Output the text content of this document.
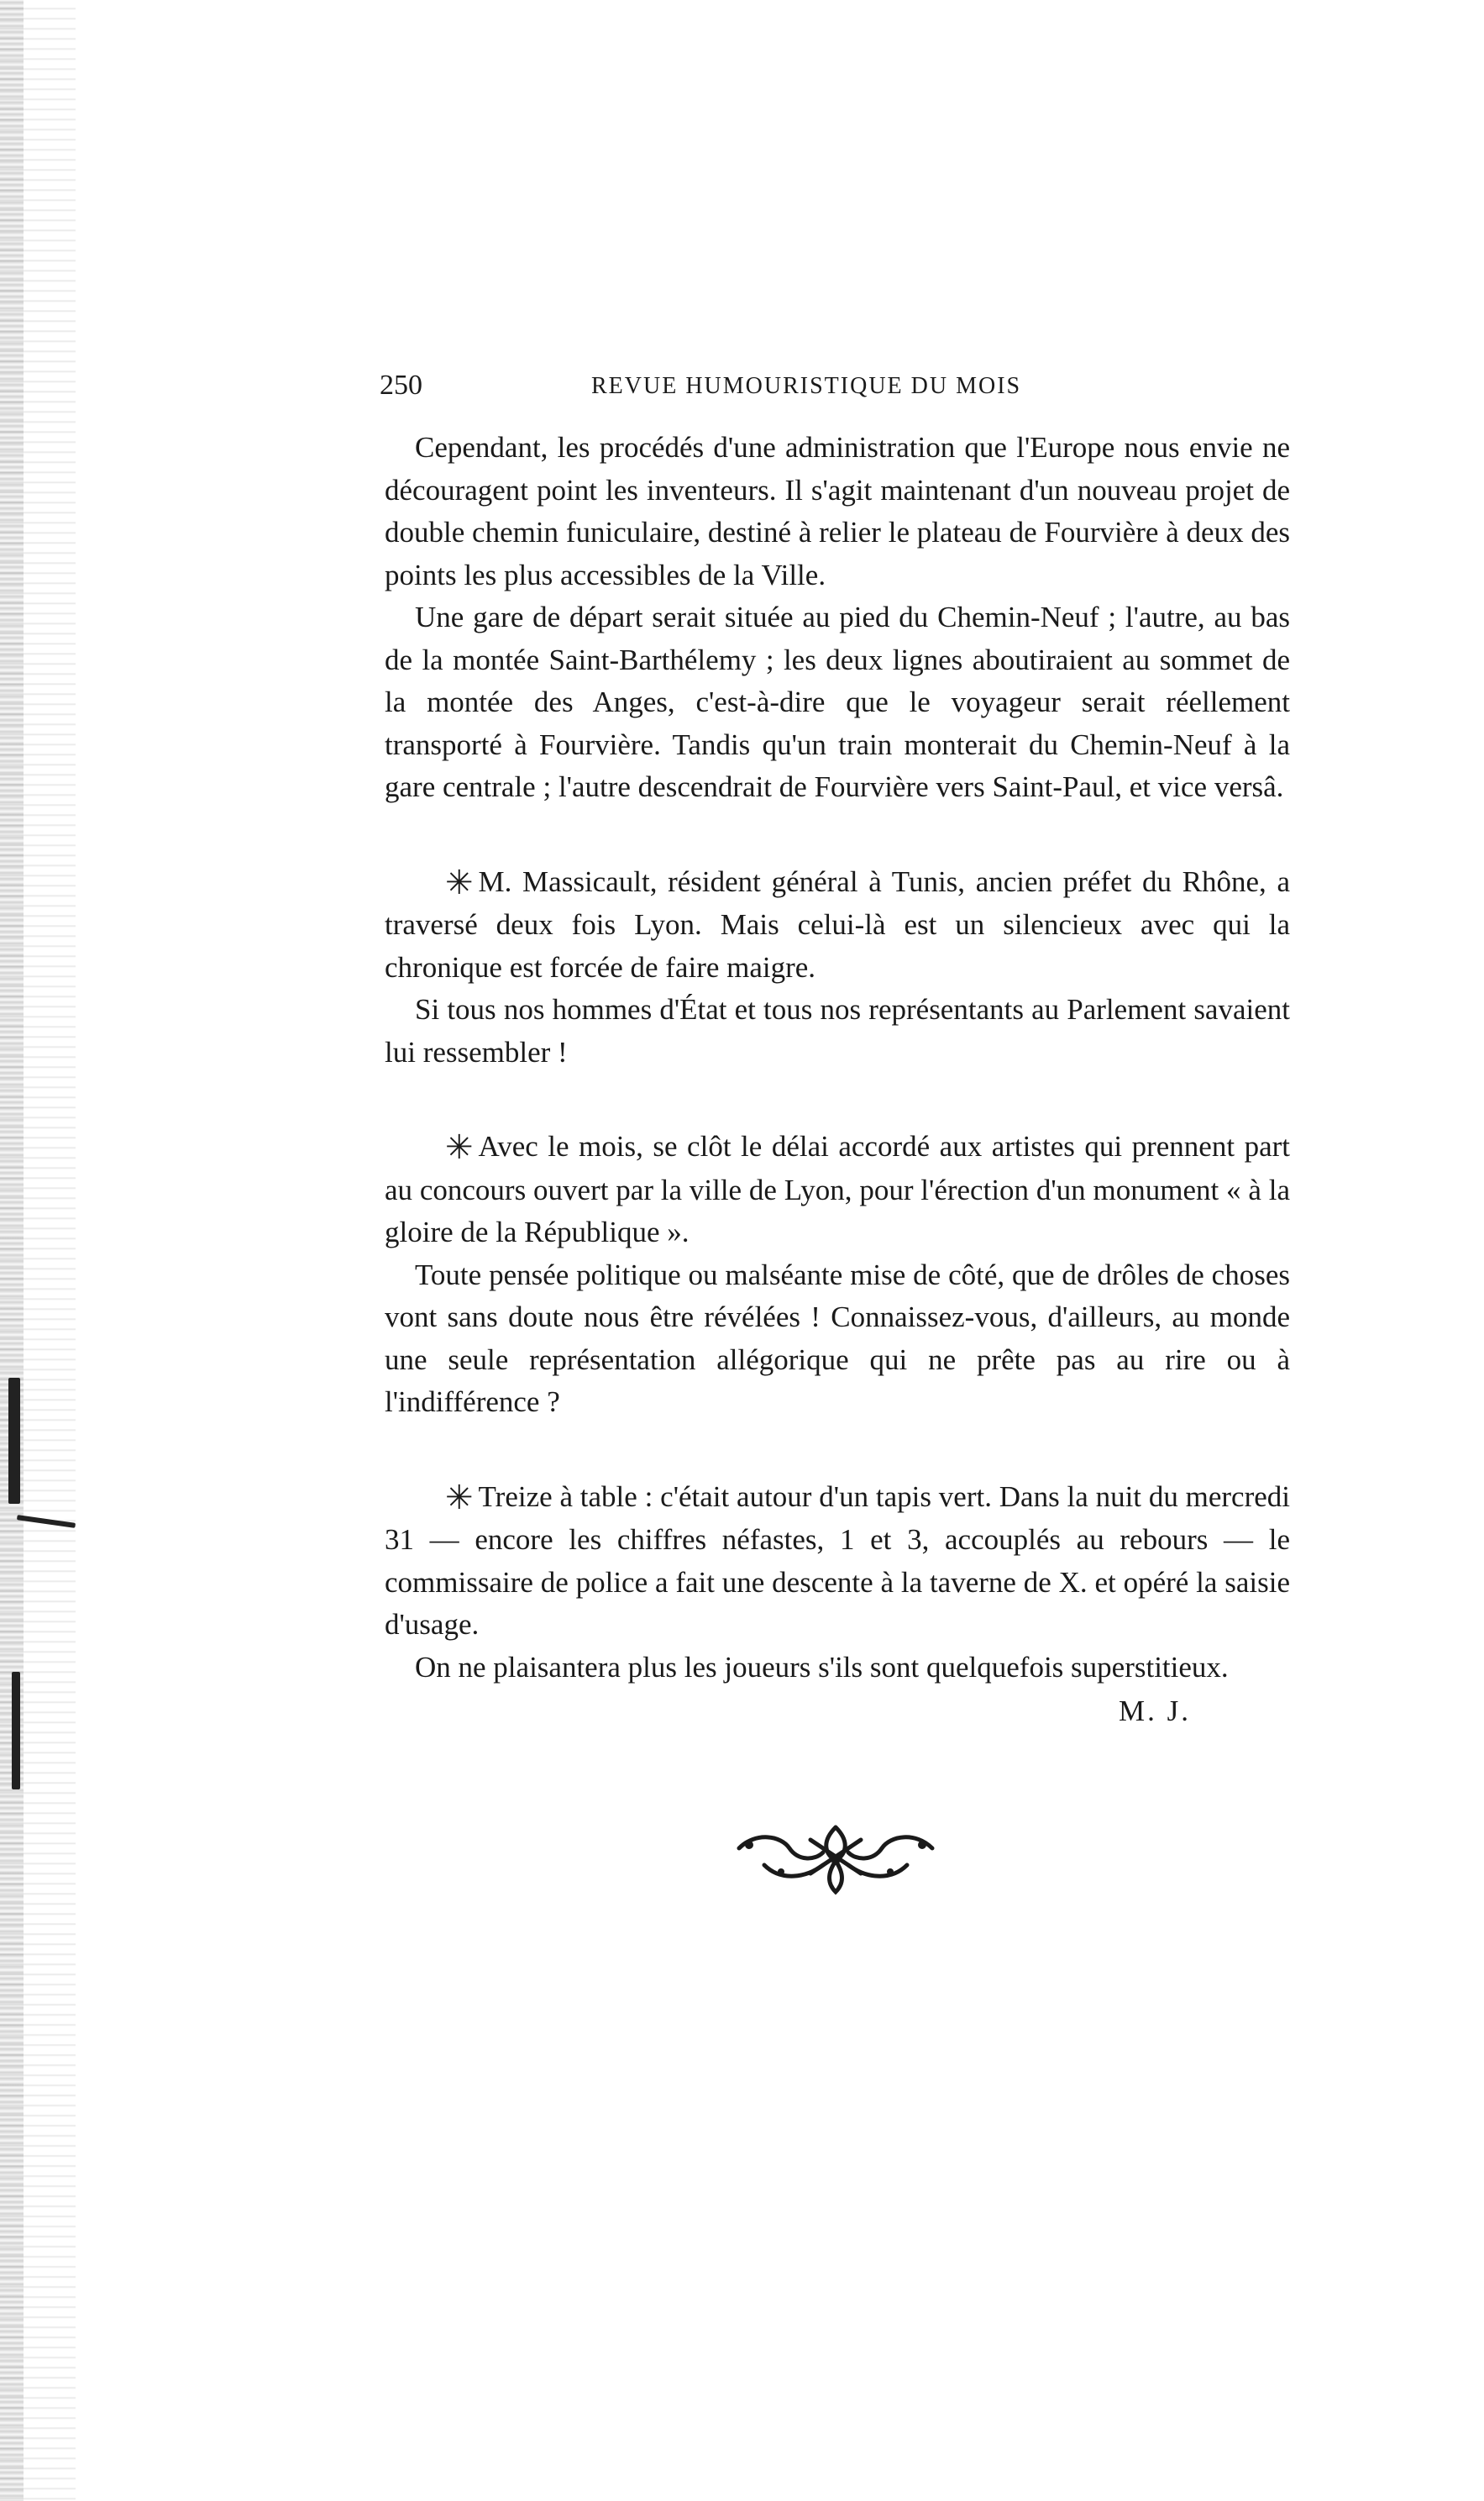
250	REVUE HUMOURISTIQUE DU MOIS

Cependant, les procédés d'une administration que l'Europe nous envie ne découragent point les inventeurs. Il s'agit maintenant d'un nouveau projet de double chemin funiculaire, destiné à relier le plateau de Fourvière à deux des points les plus accessibles de la Ville.

Une gare de départ serait située au pied du Chemin-Neuf ; l'autre, au bas de la montée Saint-Barthélemy ; les deux lignes aboutiraient au sommet de la montée des Anges, c'est-à-dire que le voyageur serait réellement transporté à Fourvière. Tandis qu'un train monterait du Chemin-Neuf à la gare centrale ; l'autre descendrait de Fourvière vers Saint-Paul, et vice versâ.

✳ M. Massicault, résident général à Tunis, ancien préfet du Rhône, a traversé deux fois Lyon. Mais celui-là est un silencieux avec qui la chronique est forcée de faire maigre.

Si tous nos hommes d'État et tous nos représentants au Parlement savaient lui ressembler !

✳ Avec le mois, se clôt le délai accordé aux artistes qui prennent part au concours ouvert par la ville de Lyon, pour l'érection d'un monument « à la gloire de la République ».

Toute pensée politique ou malséante mise de côté, que de drôles de choses vont sans doute nous être révélées ! Connaissez-vous, d'ailleurs, au monde une seule représentation allégorique qui ne prête pas au rire ou à l'indifférence ?

✳ Treize à table : c'était autour d'un tapis vert. Dans la nuit du mercredi 31 — encore les chiffres néfastes, 1 et 3, accouplés au rebours — le commissaire de police a fait une descente à la taverne de X. et opéré la saisie d'usage.

On ne plaisantera plus les joueurs s'ils sont quelquefois superstitieux.

M. J.
